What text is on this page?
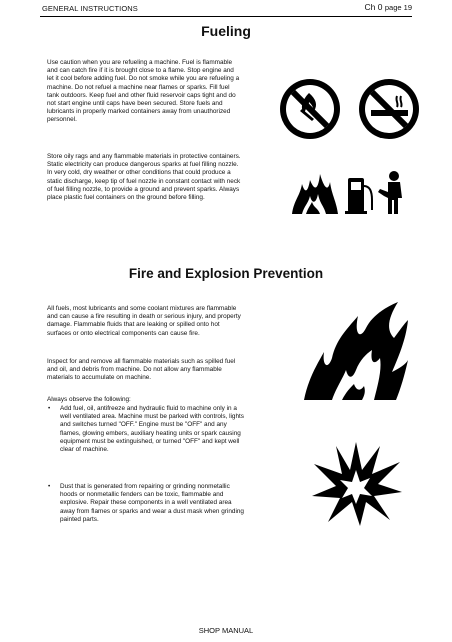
GENERAL INSTRUCTIONS	Ch 0 page 19
Fueling

Use caution when you are refueling a machine. Fuel is flammable and can catch fire if it is brought close to a flame. Stop engine and let it cool before adding fuel. Do not smoke while you are refueling a machine. Do not refuel a machine near flames or sparks. Fill fuel tank outdoors. Keep fuel and other fluid reservoir caps tight and do not start engine until caps have been secured. Store fuels and lubricants in properly marked containers away from unauthorized personnel.

Store oily rags and any flammable materials in protective containers. Static electricity can produce dangerous sparks at fuel filling nozzle. In very cold, dry weather or other conditions that could produce a static discharge, keep tip of fuel nozzle in constant contact with neck of fuel filling nozzle, to provide a ground and prevent sparks. Always place plastic fuel containers on the ground before filling.

Fire and Explosion Prevention

All fuels, most lubricants and some coolant mixtures are flammable and can cause a fire resulting in death or serious injury, and property damage. Flammable fluids that are leaking or spilled onto hot surfaces or onto electrical components can cause fire.

Inspect for and remove all flammable materials such as spilled fuel and oil, and debris from machine. Do not allow any flammable materials to accumulate on machine.

Always observe the following:

• Add fuel, oil, antifreeze and hydraulic fluid to machine only in a well ventilated area. Machine must be parked with controls, lights and switches turned "OFF." Engine must be "OFF" and any flames, glowing embers, auxiliary heating units or spark causing equipment must be extinguished, or turned "OFF" and kept well clear of machine.
• Dust that is generated from repairing or grinding nonmetallic hoods or nonmetallic fenders can be toxic, flammable and explosive. Repair these components in a well ventilated area away from flames or sparks and wear a dust mask when grinding painted parts.
SHOP MANUAL
